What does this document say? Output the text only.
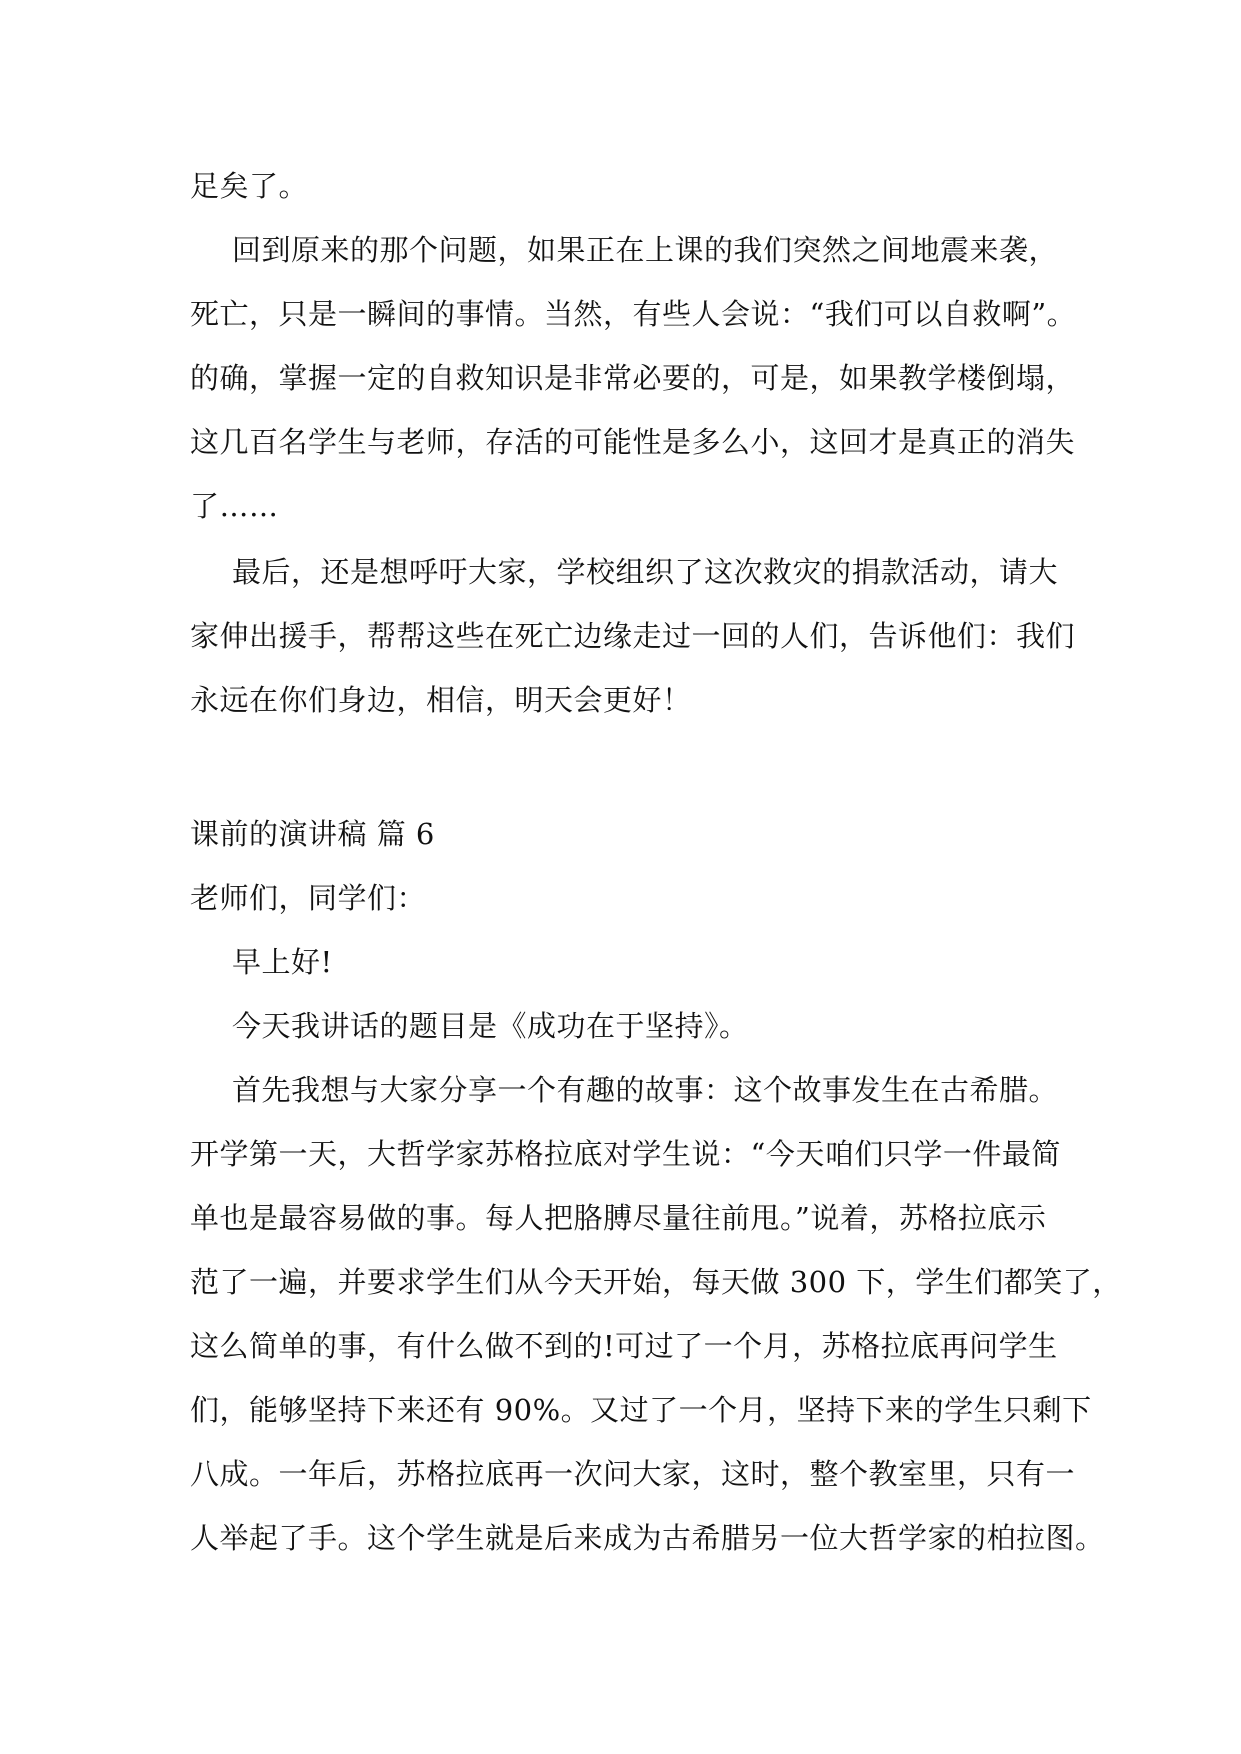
足矣了。
回到原来的那个问题，如果正在上课的我们突然之间地震来袭，
死亡，只是一瞬间的事情。当然，有些人会说：“我们可以自救啊”。
的确，掌握一定的自救知识是非常必要的，可是，如果教学楼倒塌，
这几百名学生与老师，存活的可能性是多么小，这回才是真正的消失
了……
最后，还是想呼吁大家，学校组织了这次救灾的捐款活动，请大
家伸出援手，帮帮这些在死亡边缘走过一回的人们，告诉他们：我们
永远在你们身边，相信，明天会更好！
课前的演讲稿 篇 6
老师们，同学们：
早上好!
今天我讲话的题目是《成功在于坚持》。
首先我想与大家分享一个有趣的故事：这个故事发生在古希腊。
开学第一天，大哲学家苏格拉底对学生说：“今天咱们只学一件最简
单也是最容易做的事。每人把胳膊尽量往前甩。”说着，苏格拉底示
范了一遍，并要求学生们从今天开始，每天做 300 下，学生们都笑了，
这么简单的事，有什么做不到的!可过了一个月，苏格拉底再问学生
们，能够坚持下来还有 90%。又过了一个月，坚持下来的学生只剩下
八成。一年后，苏格拉底再一次问大家，这时，整个教室里，只有一
人举起了手。这个学生就是后来成为古希腊另一位大哲学家的柏拉图。
